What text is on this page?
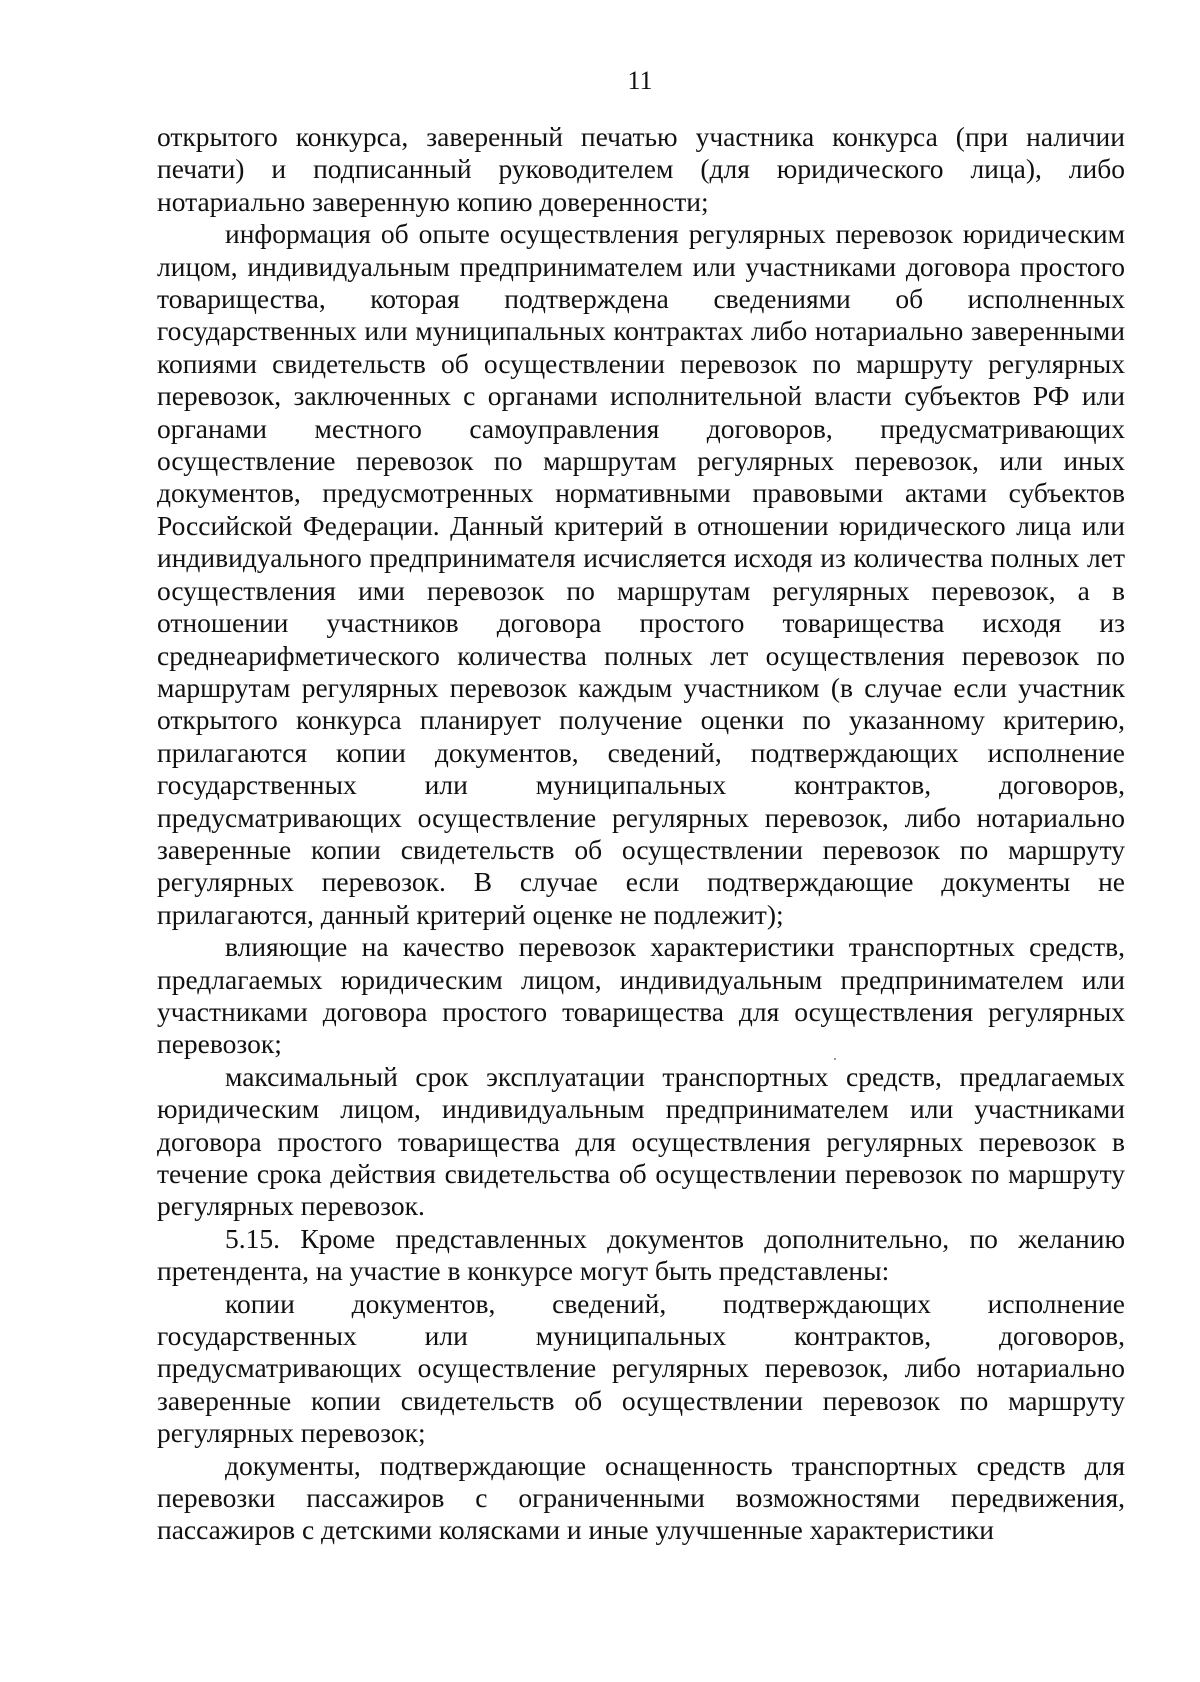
11

открытого конкурса, заверенный печатью участника конкурса (при наличии печати) и подписанный руководителем (для юридического лица), либо нотариально заверенную копию доверенности;

информация об опыте осуществления регулярных перевозок юридическим лицом, индивидуальным предпринимателем или участниками договора простого товарищества, которая подтверждена сведениями об исполненных государственных или муниципальных контрактах либо нотариально заверенными копиями свидетельств об осуществлении перевозок по маршруту регулярных перевозок, заключенных с органами исполнительной власти субъектов РФ или органами местного самоуправления договоров, предусматривающих осуществление перевозок по маршрутам регулярных перевозок, или иных документов, предусмотренных нормативными правовыми актами субъектов Российской Федерации. Данный критерий в отношении юридического лица или индивидуального предпринимателя исчисляется исходя из количества полных лет осуществления ими перевозок по маршрутам регулярных перевозок, а в отношении участников договора простого товарищества исходя из среднеарифметического количества полных лет осуществления перевозок по маршрутам регулярных перевозок каждым участником (в случае если участник открытого конкурса планирует получение оценки по указанному критерию, прилагаются копии документов, сведений, подтверждающих исполнение государственных или муниципальных контрактов, договоров, предусматривающих осуществление регулярных перевозок, либо нотариально заверенные копии свидетельств об осуществлении перевозок по маршруту регулярных перевозок. В случае если подтверждающие документы не прилагаются, данный критерий оценке не подлежит);

влияющие на качество перевозок характеристики транспортных средств, предлагаемых юридическим лицом, индивидуальным предпринимателем или участниками договора простого товарищества для осуществления регулярных перевозок;

максимальный срок эксплуатации транспортных средств, предлагаемых юридическим лицом, индивидуальным предпринимателем или участниками договора простого товарищества для осуществления регулярных перевозок в течение срока действия свидетельства об осуществлении перевозок по маршруту регулярных перевозок.

5.15. Кроме представленных документов дополнительно, по желанию претендента, на участие в конкурсе могут быть представлены:

копии документов, сведений, подтверждающих исполнение государственных или муниципальных контрактов, договоров, предусматривающих осуществление регулярных перевозок, либо нотариально заверенные копии свидетельств об осуществлении перевозок по маршруту регулярных перевозок;

документы, подтверждающие оснащенность транспортных средств для перевозки пассажиров с ограниченными возможностями передвижения, пассажиров с детскими колясками и иные улучшенные характеристики
